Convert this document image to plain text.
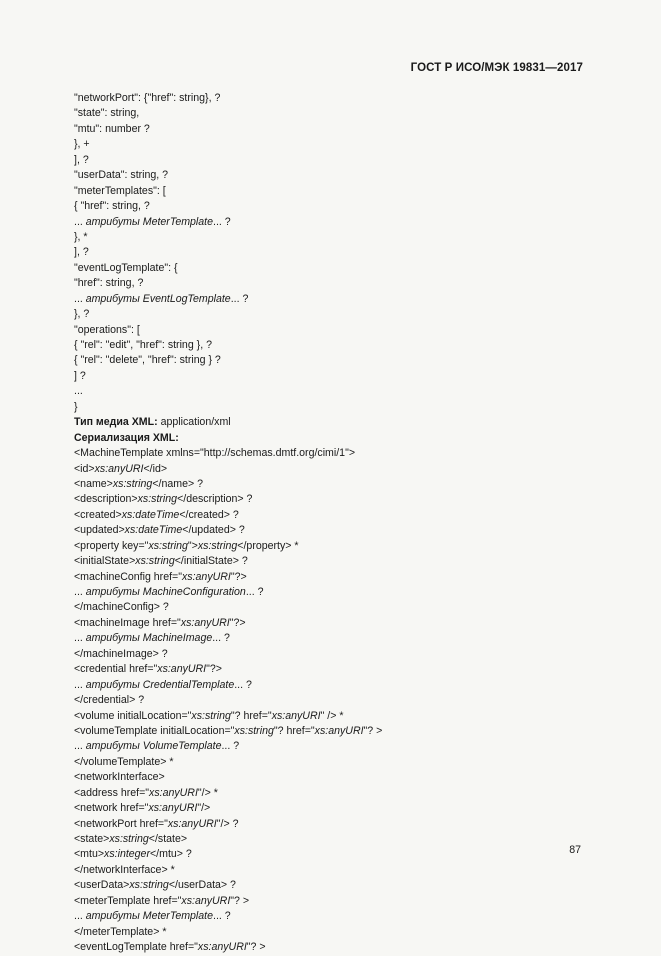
ГОСТ Р ИСО/МЭК 19831—2017
"networkPort": {"href": string}, ?
"state": string,
"mtu": number ?
}, +
], ?
"userData": string, ?
"meterTemplates": [
{ "href": string, ?
... атрибуты MeterTemplate... ?
}, *
], ?
"eventLogTemplate": {
"href": string, ?
... атрибуты EventLogTemplate... ?
}, ?
"operations": [
{ "rel": "edit", "href": string }, ?
{ "rel": "delete", "href": string } ?
] ?
...
}
Тип медиа XML: application/xml
Сериализация XML:
<MachineTemplate xmlns="http://schemas.dmtf.org/cimi/1">
<id>xs:anyURI</id>
<name>xs:string</name> ?
<description>xs:string</description> ?
<created>xs:dateTime</created> ?
<updated>xs:dateTime</updated> ?
<property key="xs:string">xs:string</property> *
<initialState>xs:string</initialState> ?
<machineConfig href="xs:anyURI"?>
... атрибуты MachineConfiguration... ?
</machineConfig> ?
<machineImage href="xs:anyURI"?>
... атрибуты MachineImage... ?
</machineImage> ?
<credential href="xs:anyURI"?>
... атрибуты CredentialTemplate... ?
</credential> ?
<volume initialLocation="xs:string"? href="xs:anyURI" /> *
<volumeTemplate initialLocation="xs:string"? href="xs:anyURI"? >
... атрибуты VolumeTemplate... ?
</volumeTemplate> *
<networkInterface>
<address href="xs:anyURI"/> *
<network href="xs:anyURI"/>
<networkPort href="xs:anyURI"/> ?
<state>xs:string</state>
<mtu>xs:integer</mtu> ?
</networkInterface> *
<userData>xs:string</userData> ?
<meterTemplate href="xs:anyURI"? >
... атрибуты MeterTemplate... ?
</meterTemplate> *
<eventLogTemplate href="xs:anyURI"? >
87
